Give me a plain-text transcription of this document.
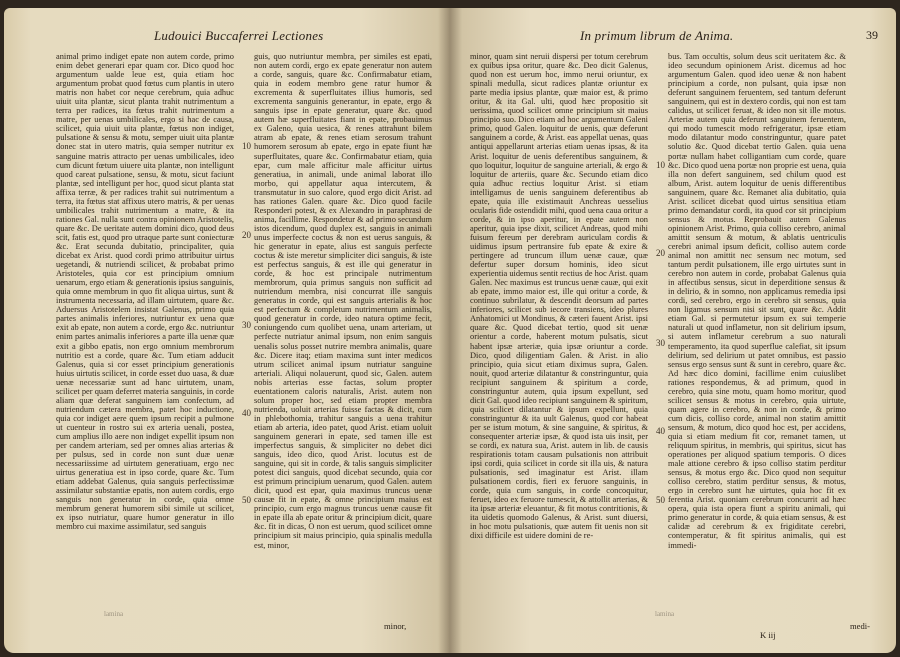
Ludouici Buccaferrei Lectiones
animal primo indiget epate non autem corde, primo enim debet generari epar quam cor. Dico quod hoc argumentum ualde leue est, quia etiam hoc argumentum probat quod fœtus cum plantis in utero matris non habet cor neque cerebrum, quia adhuc uiuit uita plantæ, sicut planta trahit nutrimentum a terra per radices, ita fœtus trahit nutrimentum a matre, per uenas umbilicales, ergo si hac de causa, scilicet, quia uiuit uita plantæ, fœtus non indiget, pulsatione & sensu & motu, semper uiuit uita plantæ donec stat in utero matris, quia semper nutritur ex sanguine matris attracto per uenas umbilicales, ideo cum dicunt fœtum uiuere uita plantæ, non intelligunt quod careat pulsatione, sensu, & motu, sicut faciunt plantæ, sed intelligunt per hoc, quod sicut planta stat affixa terræ, & per radices trahit sui nutrimentum a terra, ita fœtus stat affixus utero matris, & per uenas umbilicales trahit nutrimentum a matre, & ita rationes Gal. nulla sunt contra opinionem Aristotelis, quare &c. De ueritate autem domini dico, quod deus scit, fatis est, quod pro utraque parte sunt coniecturæ &c. Erat secunda dubitatio, principaliter, quia dicebat ex Arist. quod cordi primo attribuitur uirtus uegetandi, & nutriendi scilicet, & probabat primo Aristoteles, quia cor est principium omnium uenarum, ergo etiam & generationis ipsius sanguinis, quia omne membrum in quo fit aliqua uirtus, sunt & instrumenta necessaria, ad illam uirtutem, quare &c. Aduersus Aristotelem insistat Galenus, primo quia partes animalis inferiores, nutriuntur ex uena quæ exit ab epate, non autem a corde, ergo &c. nutriuntur enim partes animalis inferiores a parte illa uenæ quæ exit a gibbo epatis, non ergo omnium membrorum nutritio est a corde, quare &c. Tum etiam adducit Galenus, quia si cor esset principium generationis huius uirtutis scilicet, in corde esset duo uasa, & duæ uenæ necessariæ sunt ad hanc uirtutem, unam, scilicet per quam deferret materia sanguinis, in corde aliam quæ deferat sanguinem iam confectum, ad nutriendum cætera membra, patet hoc inductione, quia cor indiget aere quem ipsum recipit a pulmone ut cuenteur in rostro sui ex arteria uenali, postea, cum amplius illo aere non indiget expellit ipsum non per candem arteriam, sed per omnes alias arterias & per pulsus, sed in corde non sunt duæ uenæ necessariissime ad uirtutem generatiuam, ergo nec uirtus generatiua est in ipso corde, quare &c. Tum etiam addebat Galenus, quia sanguis perfectissimæ assimilatur substantiæ epatis, non autem cordis, ergo sanguis non generatur in corde, quia omne membrum generat humorem sibi simile ut scilicet, ex ipso nutriatur, quare humor generatur in illo membro cui maxime assimilatur, sed sanguis
guis, quo nutriuntur membra, per similes est epati, non autem cordi, ergo ex epate generatur non autem a corde, sanguis, quare &c. Confirmabatur etiam, quia in eodem membro gene ratur humor & excrementa & superfluitates illius humoris, sed excrementa sanguinis generantur, in epate, ergo & sanguis ipse in epate generatur, quare &c. quod autem hæ superfluitates fiant in epate, probauimus ex Galeno, quia uesica, & renes attrahunt bilem atram ab epate, & renes etiam serosum trahunt humorem serosum ab epate, ergo in epate fiunt hæ superfluitates, quare &c. Confirmabatur etiam, quia epar, cum male afficitur male afficitur uirtus generatiua, in animali, unde animal laborat illo morbo, qui appellatur aqua intercutem, & transmutatur in suo calore, quod ergo dicit Arist. ad has rationes Galen. quare &c. Dico quod facile Responderi potest, & ex Alexandro in paraphrasi de anima, facillime. Respondetur & ad primo secundum istos dicendum, quod duplex est, sanguis in animali unus imperfecte coctus & non est uerus sanguis, & hic generatur in epate, alius est sanguis perfecte coctus & iste meretur simpliciter dici sanguis, & iste est perfectus sanguis, & est ille qui generatur in corde, & hoc est principale nutrimentum membrorum, quia primus sanguis non sufficit ad nutriendum membra, nisi concurrat ille sanguis generatus in corde, qui est sanguis arterialis & hoc est perfectum & completum nutrimentum animalis, quod generatur in corde, ideo natura optime fecit, coniungendo cum quolibet uena, unam arteriam, ut perfecte nutriatur animal ipsum, non enim sanguis uenalis solus posset nutrire membra animalis, quare &c. Dicere itaq; etiam maxima sunt inter medicos utrum scilicet animal ipsum nutriatur sanguine arteriali. Aliqui nolauerunt, quod sic, Galen. autem nobis arterias esse factas, solum propter euentationem caloris naturalis, Arist. autem non solum proper hoc, sed etiam propter membra nutrienda, uoluit arterias fuisse factas & dicit, cum in phlebothomia, trahitur sanguis a uena trahitur etiam ab arteria, ideo patet, quod Arist. etiam uoluit sanguinem generari in epate, sed tamen ille est imperfectus sanguis, & simpliciter no debet dici sanguis, ideo dico, quod Arist. locutus est de sanguine, qui sit in corde, & talis sanguis simpliciter potest dici sanguis, quod dicebat secundo, quia cor est primum principium uenarum, quod Galen. autem dicit, quod est epar, quia maximus truncus uenæ causæ fit in epate, & omne principium maius est principio, cum ergo magnus truncus uenæ causæ fit in epate illa ab epate oritur & principium dicit, quare &c. fit in dicas, O non est uerum, quod scilicet omne principium sit maius principio, quia spinalis medulla est, minor,
10
20
30
40
50
minor,
lamina
In primum librum de Anima.	39
minor, quam sint neruii dispersi per totum cerebrum ex quibus ipsa oritur, quare &c. Deo dicit Galenus, quod non est uerum hoc, immo nerui oriuntur, ex spinali medulla, sicut radices plantæ oriuntur ex parte media ipsius plantæ, quæ maior est, & primo oritur, & ita Gal. ulti, quod hæc propositio sit uerissima, quod scilicet omne principium sit maius principio suo. Dico etiam ad hoc argumentum Galeni primo, quod Galen. loquitur de uenis, quæ deferunt sanguinem a corde, & Arist. eas appellat uenas, quas antiqui appellarunt arterias etiam uenas ipsas, & ita Arist. loquitur de uenis deferentibus sanguinem, & quo loquitur, loquitur de sanguine arteriali, & ergo & loquitur de arteriis, quare &c. Secundo etiam dico quia adhuc rectius loquitur Arist. si etiam intelligamus de uenis sanguinem deferentibus ab epate, quia ille existimauit Anchreas uesselius ocularis fide ostendidit mihi, quod uena caua oritur a corde, & in ipso aperitur, in epate autem non aperitur, quia ipse dixit, scilicet Andreas, quod mihi fuisum fereum per derebram auriculam cordis & uidimus ipsum pertransire fub epate & exire & pertingere ad truncum illum uenæ cauæ, quæ defertur super dorsum hominis, ideo sicut experientia uidemus sentit rectius de hoc Arist. quam Galen. Nec maximus est truncus uenæ cauæ, qui exit ab epate, immo maior est, ille qui oritur a corde, & continuo subrilatur, & descendit deorsum ad partes inferiores, scilicet sub iecore transiens, ideo plures Anhatomici ut Mondinus, & cæteri fauent Arist. ipsi quare &c. Quod dicebat tertio, quod sit uenæ orientur a corde, haberent motum pulsatis, sicut habent ipsæ arteriæ, quia ipsæ oriuntur a corde. Dico, quod diligentiam Galen. & Arist. in alio principio, quia sicut etiam diximus supra, Galen. nouit, quod arteriæ dilatantur & constringuntur, quia recipiunt sanguinem & spiritum a corde, constringuntur autem, quia ipsum expellunt, sed dicit Gal. quod ideo recipiunt sanguinem & spiritum, quia scilicet dilatantur & ipsum expellunt, quia constringuntur & ita uult Galenus, quod cor habeat per se istum motum, & sine sanguine, & spiritus, & consequenter arteriæ ipsæ, & quod ista uis insit, per se cordi, ex natura sua, Arist. autem in lib. de causis respirationis totam causam pulsationis non attribuit ipsi cordi, quia scilicet in corde sit illa uis, & natura pulsationis, sed imaginatur est Arist. illam pulsationem cordis, fieri ex feruore sanguinis, in corde, quia cum sanguis, in corde concoquitur, feruet, ideo ex feruore tumescit, & attollit arterias, & ita ipsæ arteriæ eleuantur, & fit motus contritionis, & ita uidetis quomodo Galenus, & Arist. sunt diuersi, in hoc motu pulsationis, quæ autem fit uenis non sit dixi difficile est uidere domini de re-
bus. Tam occultis, solum deus scit ueritatem &c. & ideo secundum opinionem Arist. dicemus ad hoc argumentum Galen. quod ideo uenæ & non habent principium a corde, non pulsant, quia ipsæ non deferunt sanguinem feruentem, sed tantum deferunt sanguinem, qui est in dextero cordis, qui non est tam calidus, ut scilicet feruat, & ideo non sit ille motus. Arteriæ autem quia deferunt sanguinem feruentem, qui modo tumescit modo refrigeratur, ipsæ etiam modo dilatantur modo constringuntur, quare patet solutio &c. Quod dicebat tertio Galen. quia uena portæ nullam habet colligantiam cum corde, quare &c. Dico quod uena portæ non proprie est uena, quia illa non defert sanguinem, sed chilum quod est album, Arist. autem loquitur de uenis differentibus sanguinem, quare &c. Remanet alia dubitatio, quia Arist. scilicet dicebat quod uirtus sensitiua etiam primo demandatur cordi, ita quod cor sit principium sensus & motus. Reprobauit autem Galenus opinionem Arist. Primo, quia colliso cerebro, animal amittit sensum & motum, & ablatis uentriculis cerebri animal ipsum deficit, colliso autem corde animal non amittit nec sensum nec motum, sed tantum perdit pulsationem, ille ergo uirtutes sunt in cerebro non autem in corde, probabat Galenus quia in affectibus sensus, sicut in deperditione sensus & in delirio, & in somno, non applicamus remedia ipsi cordi, sed cerebro, ergo in cerebro sit sensus, quia non ligamus sensum nisi sit sunt, quare &c. Addit etiam Gal. si permutetur ipsum ex sui temperie naturali ut quod inflametur, non sit delirium ipsum, si autem inflametur cerebrum a suo naturali temperamento, ita quod superflue calefiat, sit ipsum delirium, sed delirium ut patet omnibus, est passio sensus ergo sensus sunt & sunt in cerebro, quare &c. Ad hæc dico domini, facillime enim cuiuslibet rationes respondemus, & ad primum, quod in cerebro, quia sine motu, quam homo moritur, quod scilicet sensus & motus in cerebro, quia uirtute, quam agere in cerebro, & non in corde, & primo cum dicis, colliso corde, animal non statim amittit sensum, & motum, dico quod hoc est, per accidens, quia si etiam medium fit cor, remanet tamen, ut reliquum spiritus, in membris, qui spiritus, sicut has operationes per aliquod spatium temporis. O dices male attione cerebro & ipso colliso statim perditur sensus, & motus ergo &c. Dico quod non sequitur colliso cerebro, statim perditur sensus, & motus, ergo in cerebro sunt hæ uirtutes, quia hoc fit ex ferentia Arist. quoniam cerebrum concurrit ad hæc opera, quia ista opera fiunt a spiritu animali, qui primo generatur in corde, & quia etiam sensus, & est calidæ ad cerebrum & ex frigiditate cerebri, contemperatur, & fit spiritus animalis, qui est immedi-
10
20
30
40
50
K iij
medi-
lamina
